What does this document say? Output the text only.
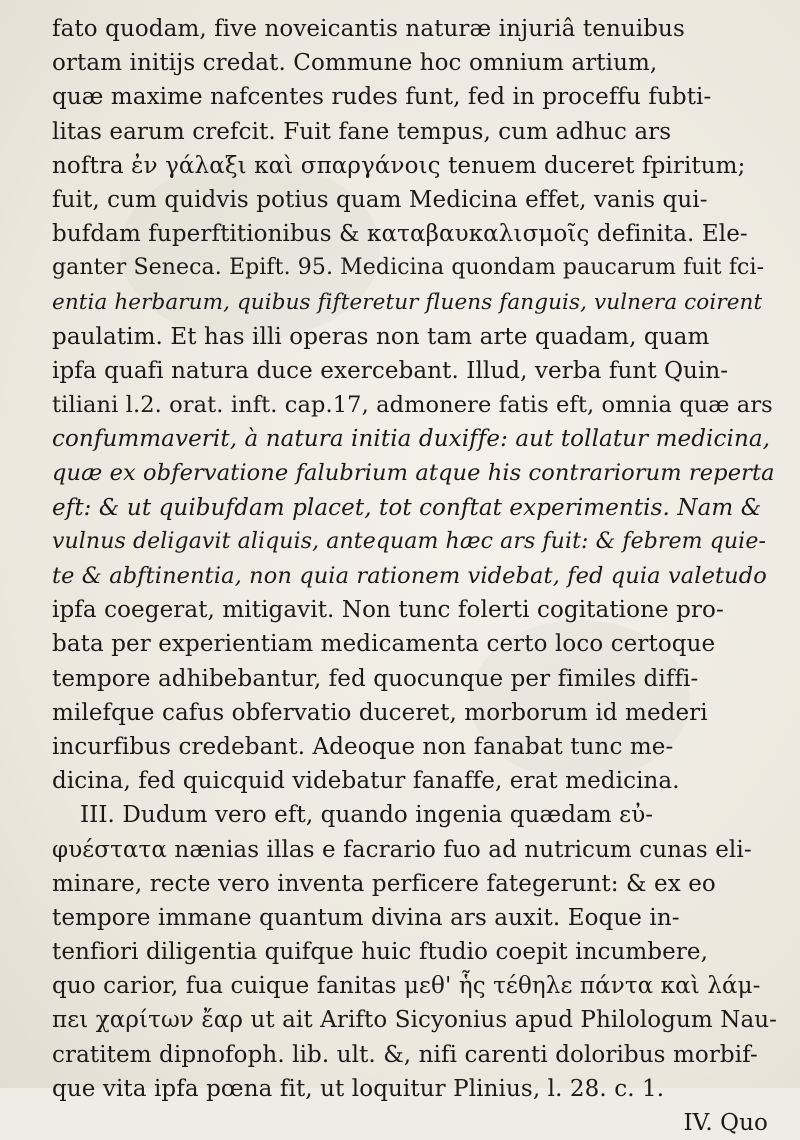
fato quodam, five noveicantis naturæ injuriâ tenuibus
ortam initijs credat. Commune hoc omnium artium,
quæ maxime nafcentes rudes funt, fed in proceffu fubti-
litas earum crefcit. Fuit fane tempus, cum adhuc ars
noftra ἐν γάλαξι καὶ σπαργάνοις tenuem duceret fpiritum;
fuit, cum quidvis potius quam Medicina effet, vanis qui-
bufdam fuperftitionibus & καταβαυκαλισμοῖς definita. Ele-
ganter Seneca. Epift. 95. Medicina quondam paucarum fuit fci-
entia herbarum, quibus fifteretur fluens fanguis, vulnera coirent
paulatim. Et has illi operas non tam arte quadam, quam
ipfa quafi natura duce exercebant. Illud, verba funt Quin-
tiliani l.2. orat. inft. cap.17, admonere fatis eft, omnia quæ ars
confummaverit, à natura initia duxiffe: aut tollatur medicina,
quæ ex obfervatione falubrium atque his contrariorum reperta
eft: & ut quibufdam placet, tot conftat experimentis. Nam &
vulnus deligavit aliquis, antequam hæc ars fuit: & febrem quie-
te & abftinentia, non quia rationem videbat, fed quia valetudo
ipfa coegerat, mitigavit. Non tunc folerti cogitatione pro-
bata per experientiam medicamenta certo loco certoque
tempore adhibebantur, fed quocunque per fimiles diffi-
milefque cafus obfervatio duceret, morborum id mederi
incurfibus credebant. Adeoque non fanabat tunc me-
dicina, fed quicquid videbatur fanaffe, erat medicina.
III. Dudum vero eft, quando ingenia quædam εὐ-
φυέστατα nænias illas e facrario fuo ad nutricum cunas eli-
minare, recte vero inventa perficere fategerunt: & ex eo
tempore immane quantum divina ars auxit. Eoque in-
tenfiori diligentia quifque huic ftudio coepit incumbere,
quo carior, fua cuique fanitas μεθ' ἧς τέθηλε πάντα καὶ λάμ-
πει χαρίτων ἔαρ ut ait Arifto Sicyonius apud Philologum Nau-
cratitem dipnofoph. lib. ult. &, nifi carenti doloribus morbif-
que vita ipfa pœna fit, ut loquitur Plinius, l. 28. c. 1.
IV. Quo
